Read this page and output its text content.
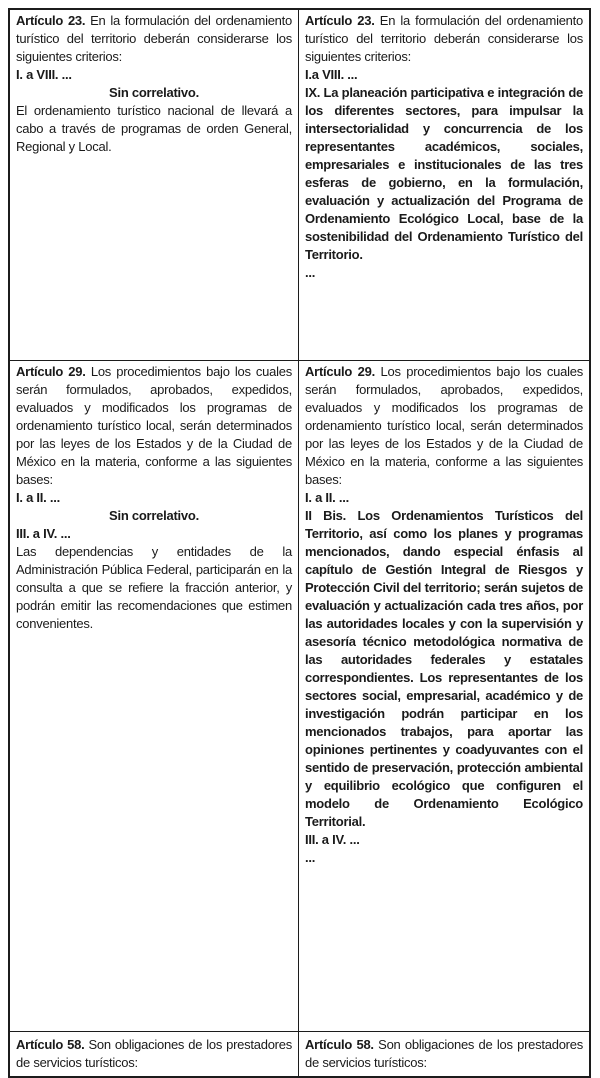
Artículo 23. En la formulación del ordenamiento turístico del territorio deberán considerarse los siguientes criterios:

I. a VIII. ...

Sin correlativo.

El ordenamiento turístico nacional de llevará a cabo a través de programas de orden General, Regional y Local.

Artículo 23. En la formulación del ordenamiento turístico del territorio deberán considerarse los siguientes criterios:

I.a VIII. ...

IX. La planeación participativa e integración de los diferentes sectores, para impulsar la intersectorialidad y concurrencia de los representantes académicos, sociales, empresariales e institucionales de las tres esferas de gobierno, en la formulación, evaluación y actualización del Programa de Ordenamiento Ecológico Local, base de la sostenibilidad del Ordenamiento Turístico del Territorio.

...

Artículo 29. Los procedimientos bajo los cuales serán formulados, aprobados, expedidos, evaluados y modificados los programas de ordenamiento turístico local, serán determinados por las leyes de los Estados y de la Ciudad de México en la materia, conforme a las siguientes bases:

I. a II. ...

Sin correlativo.

III. a IV. ...

Las dependencias y entidades de la Administración Pública Federal, participarán en la consulta a que se refiere la fracción anterior, y podrán emitir las recomendaciones que estimen convenientes.

Artículo 29. Los procedimientos bajo los cuales serán formulados, aprobados, expedidos, evaluados y modificados los programas de ordenamiento turístico local, serán determinados por las leyes de los Estados y de la Ciudad de México en la materia, conforme a las siguientes bases:

I. a II. ...

II Bis. Los Ordenamientos Turísticos del Territorio, así como los planes y programas mencionados, dando especial énfasis al capítulo de Gestión Integral de Riesgos y Protección Civil del territorio; serán sujetos de evaluación y actualización cada tres años, por las autoridades locales y con la supervisión y asesoría técnico metodológica normativa de las autoridades federales y estatales correspondientes. Los representantes de los sectores social, empresarial, académico y de investigación podrán participar en los mencionados trabajos, para aportar las opiniones pertinentes y coadyuvantes con el sentido de preservación, protección ambiental y equilibrio ecológico que configuren el modelo de Ordenamiento Ecológico Territorial.

III. a IV. ...

...

Artículo 58. Son obligaciones de los prestadores de servicios turísticos:

Artículo 58. Son obligaciones de los prestadores de servicios turísticos:
